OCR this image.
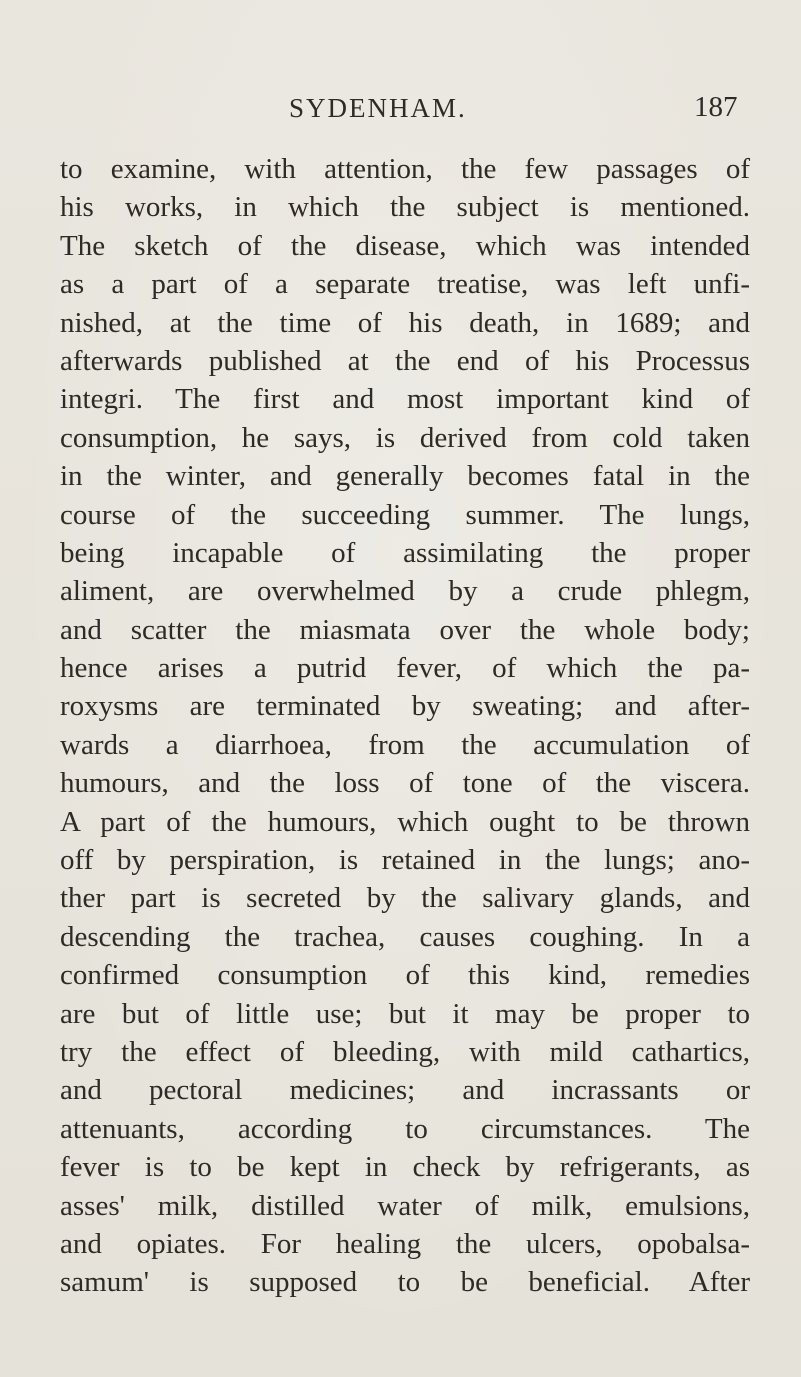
SYDENHAM.	187
to examine, with attention, the few passages of
his works, in which the subject is mentioned.
The sketch of the disease, which was intended
as a part of a separate treatise, was left unfi-
nished, at the time of his death, in 1689; and
afterwards published at the end of his Processus
integri. The first and most important kind of
consumption, he says, is derived from cold taken
in the winter, and generally becomes fatal in the
course of the succeeding summer. The lungs,
being incapable of assimilating the proper
aliment, are overwhelmed by a crude phlegm,
and scatter the miasmata over the whole body;
hence arises a putrid fever, of which the pa-
roxysms are terminated by sweating; and after-
wards a diarrhoea, from the accumulation of
humours, and the loss of tone of the viscera.
A part of the humours, which ought to be thrown
off by perspiration, is retained in the lungs; ano-
ther part is secreted by the salivary glands, and
descending the trachea, causes coughing. In a
confirmed consumption of this kind, remedies
are but of little use; but it may be proper to
try the effect of bleeding, with mild cathartics,
and pectoral medicines; and incrassants or
attenuants, according to circumstances. The
fever is to be kept in check by refrigerants, as
asses' milk, distilled water of milk, emulsions,
and opiates. For healing the ulcers, opobalsa-
samum' is supposed to be beneficial. After
